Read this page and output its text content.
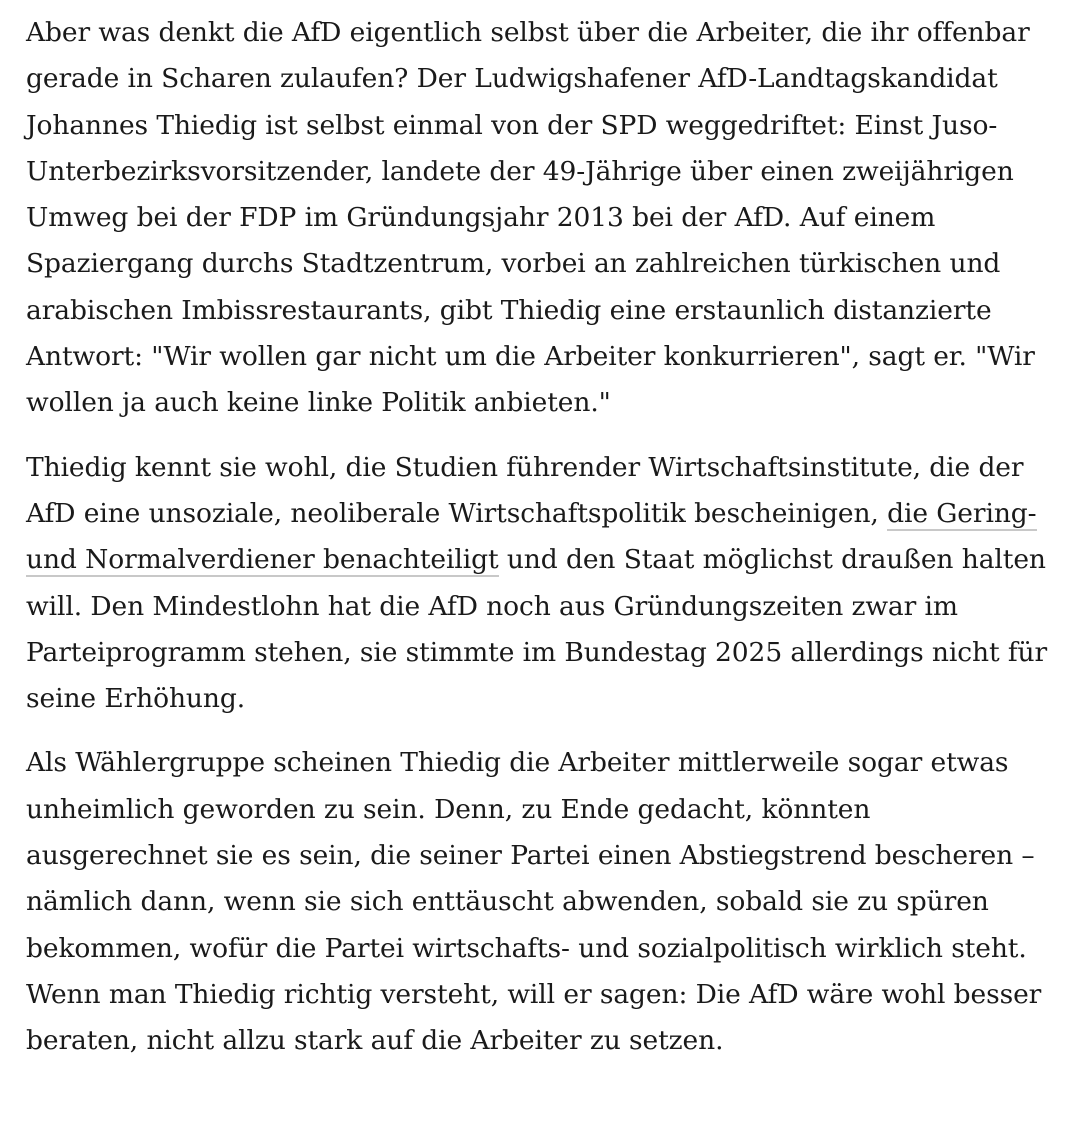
Aber was denkt die AfD eigentlich selbst über die Arbeiter, die ihr offenbar gerade in Scharen zulaufen? Der Ludwigshafener AfD-Landtagskandidat Johannes Thiedig ist selbst einmal von der SPD weggedriftet: Einst Juso-Unterbezirksvorsitzender, landete der 49-Jährige über einen zweijährigen Umweg bei der FDP im Gründungsjahr 2013 bei der AfD. Auf einem Spaziergang durchs Stadtzentrum, vorbei an zahlreichen türkischen und arabischen Imbissrestaurants, gibt Thiedig eine erstaunlich distanzierte Antwort: "Wir wollen gar nicht um die Arbeiter konkurrieren", sagt er. "Wir wollen ja auch keine linke Politik anbieten."

Thiedig kennt sie wohl, die Studien führender Wirtschaftsinstitute, die der AfD eine unsoziale, neoliberale Wirtschaftspolitik bescheinigen, die Gering- und Normalverdiener benachteiligt und den Staat möglichst draußen halten will. Den Mindestlohn hat die AfD noch aus Gründungszeiten zwar im Parteiprogramm stehen, sie stimmte im Bundestag 2025 allerdings nicht für seine Erhöhung.

Als Wählergruppe scheinen Thiedig die Arbeiter mittlerweile sogar etwas unheimlich geworden zu sein. Denn, zu Ende gedacht, könnten ausgerechnet sie es sein, die seiner Partei einen Abstiegstrend bescheren – nämlich dann, wenn sie sich enttäuscht abwenden, sobald sie zu spüren bekommen, wofür die Partei wirtschafts- und sozialpolitisch wirklich steht. Wenn man Thiedig richtig versteht, will er sagen: Die AfD wäre wohl besser beraten, nicht allzu stark auf die Arbeiter zu setzen.
